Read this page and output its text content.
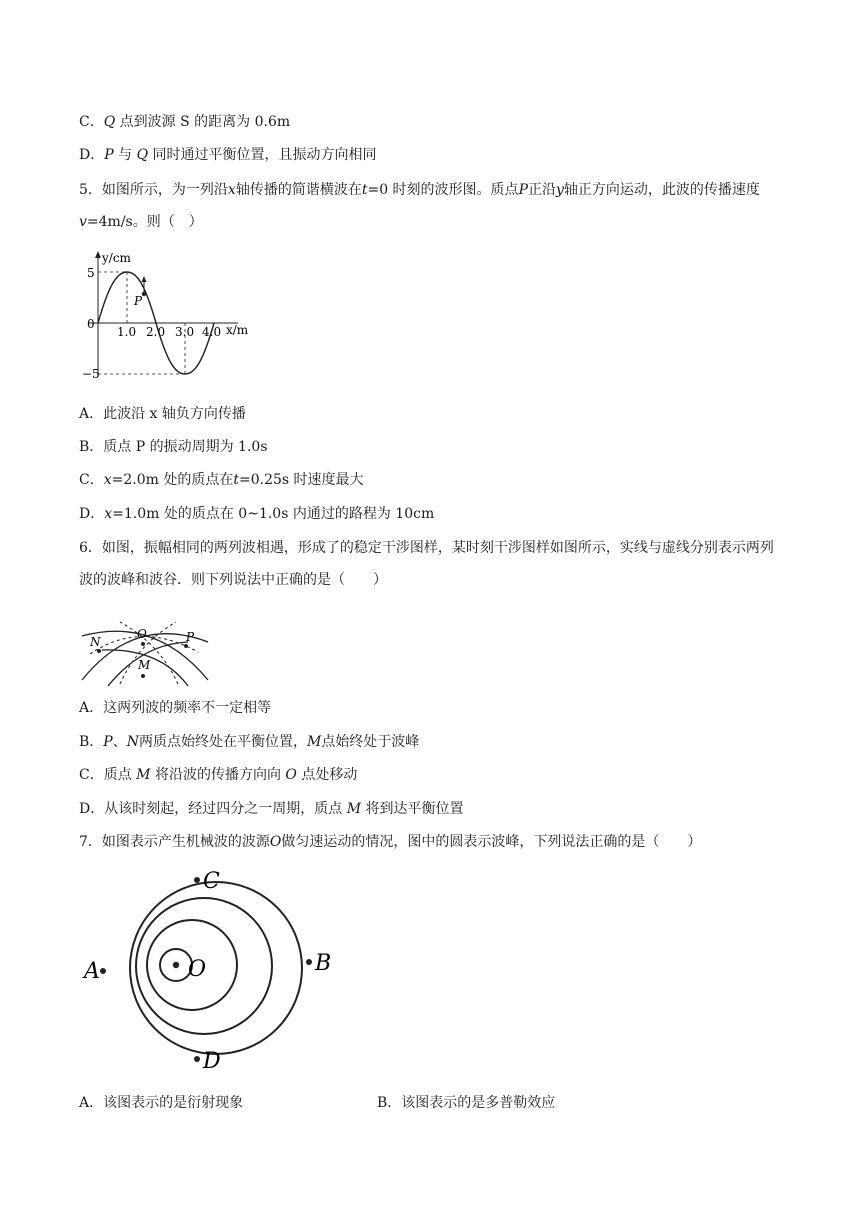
C．Q 点到波源 S 的距离为 0.6m
D．P 与 Q 同时通过平衡位置，且振动方向相同
5．如图所示，为一列沿x轴传播的简谐横波在t=0 时刻的波形图。质点P正沿y轴正方向运动，此波的传播速度v=4m/s。则（　）
P
y/cm
x/m
5
0
−5
1.0 2.0 3.0 4.0
A．此波沿 x 轴负方向传播
B．质点 P 的振动周期为 1.0s
C．x=2.0m 处的质点在t=0.25s 时速度最大
D．x=1.0m 处的质点在 0~1.0s 内通过的路程为 10cm
6．如图，振幅相同的两列波相遇，形成了的稳定干涉图样，某时刻干涉图样如图所示，实线与虚线分别表示两列波的波峰和波谷．则下列说法中正确的是（　　）
N
O	P
M
A．这两列波的频率不一定相等
B．P、N两质点始终处在平衡位置，M点始终处于波峰
C．质点 M 将沿波的传播方向向 O 点处移动
D．从该时刻起，经过四分之一周期，质点 M 将到达平衡位置
7．如图表示产生机械波的波源O做匀速运动的情况，图中的圆表示波峰，下列说法正确的是（　　）
O
C
A	B
D
A．该图表示的是衍射现象	B．该图表示的是多普勒效应
